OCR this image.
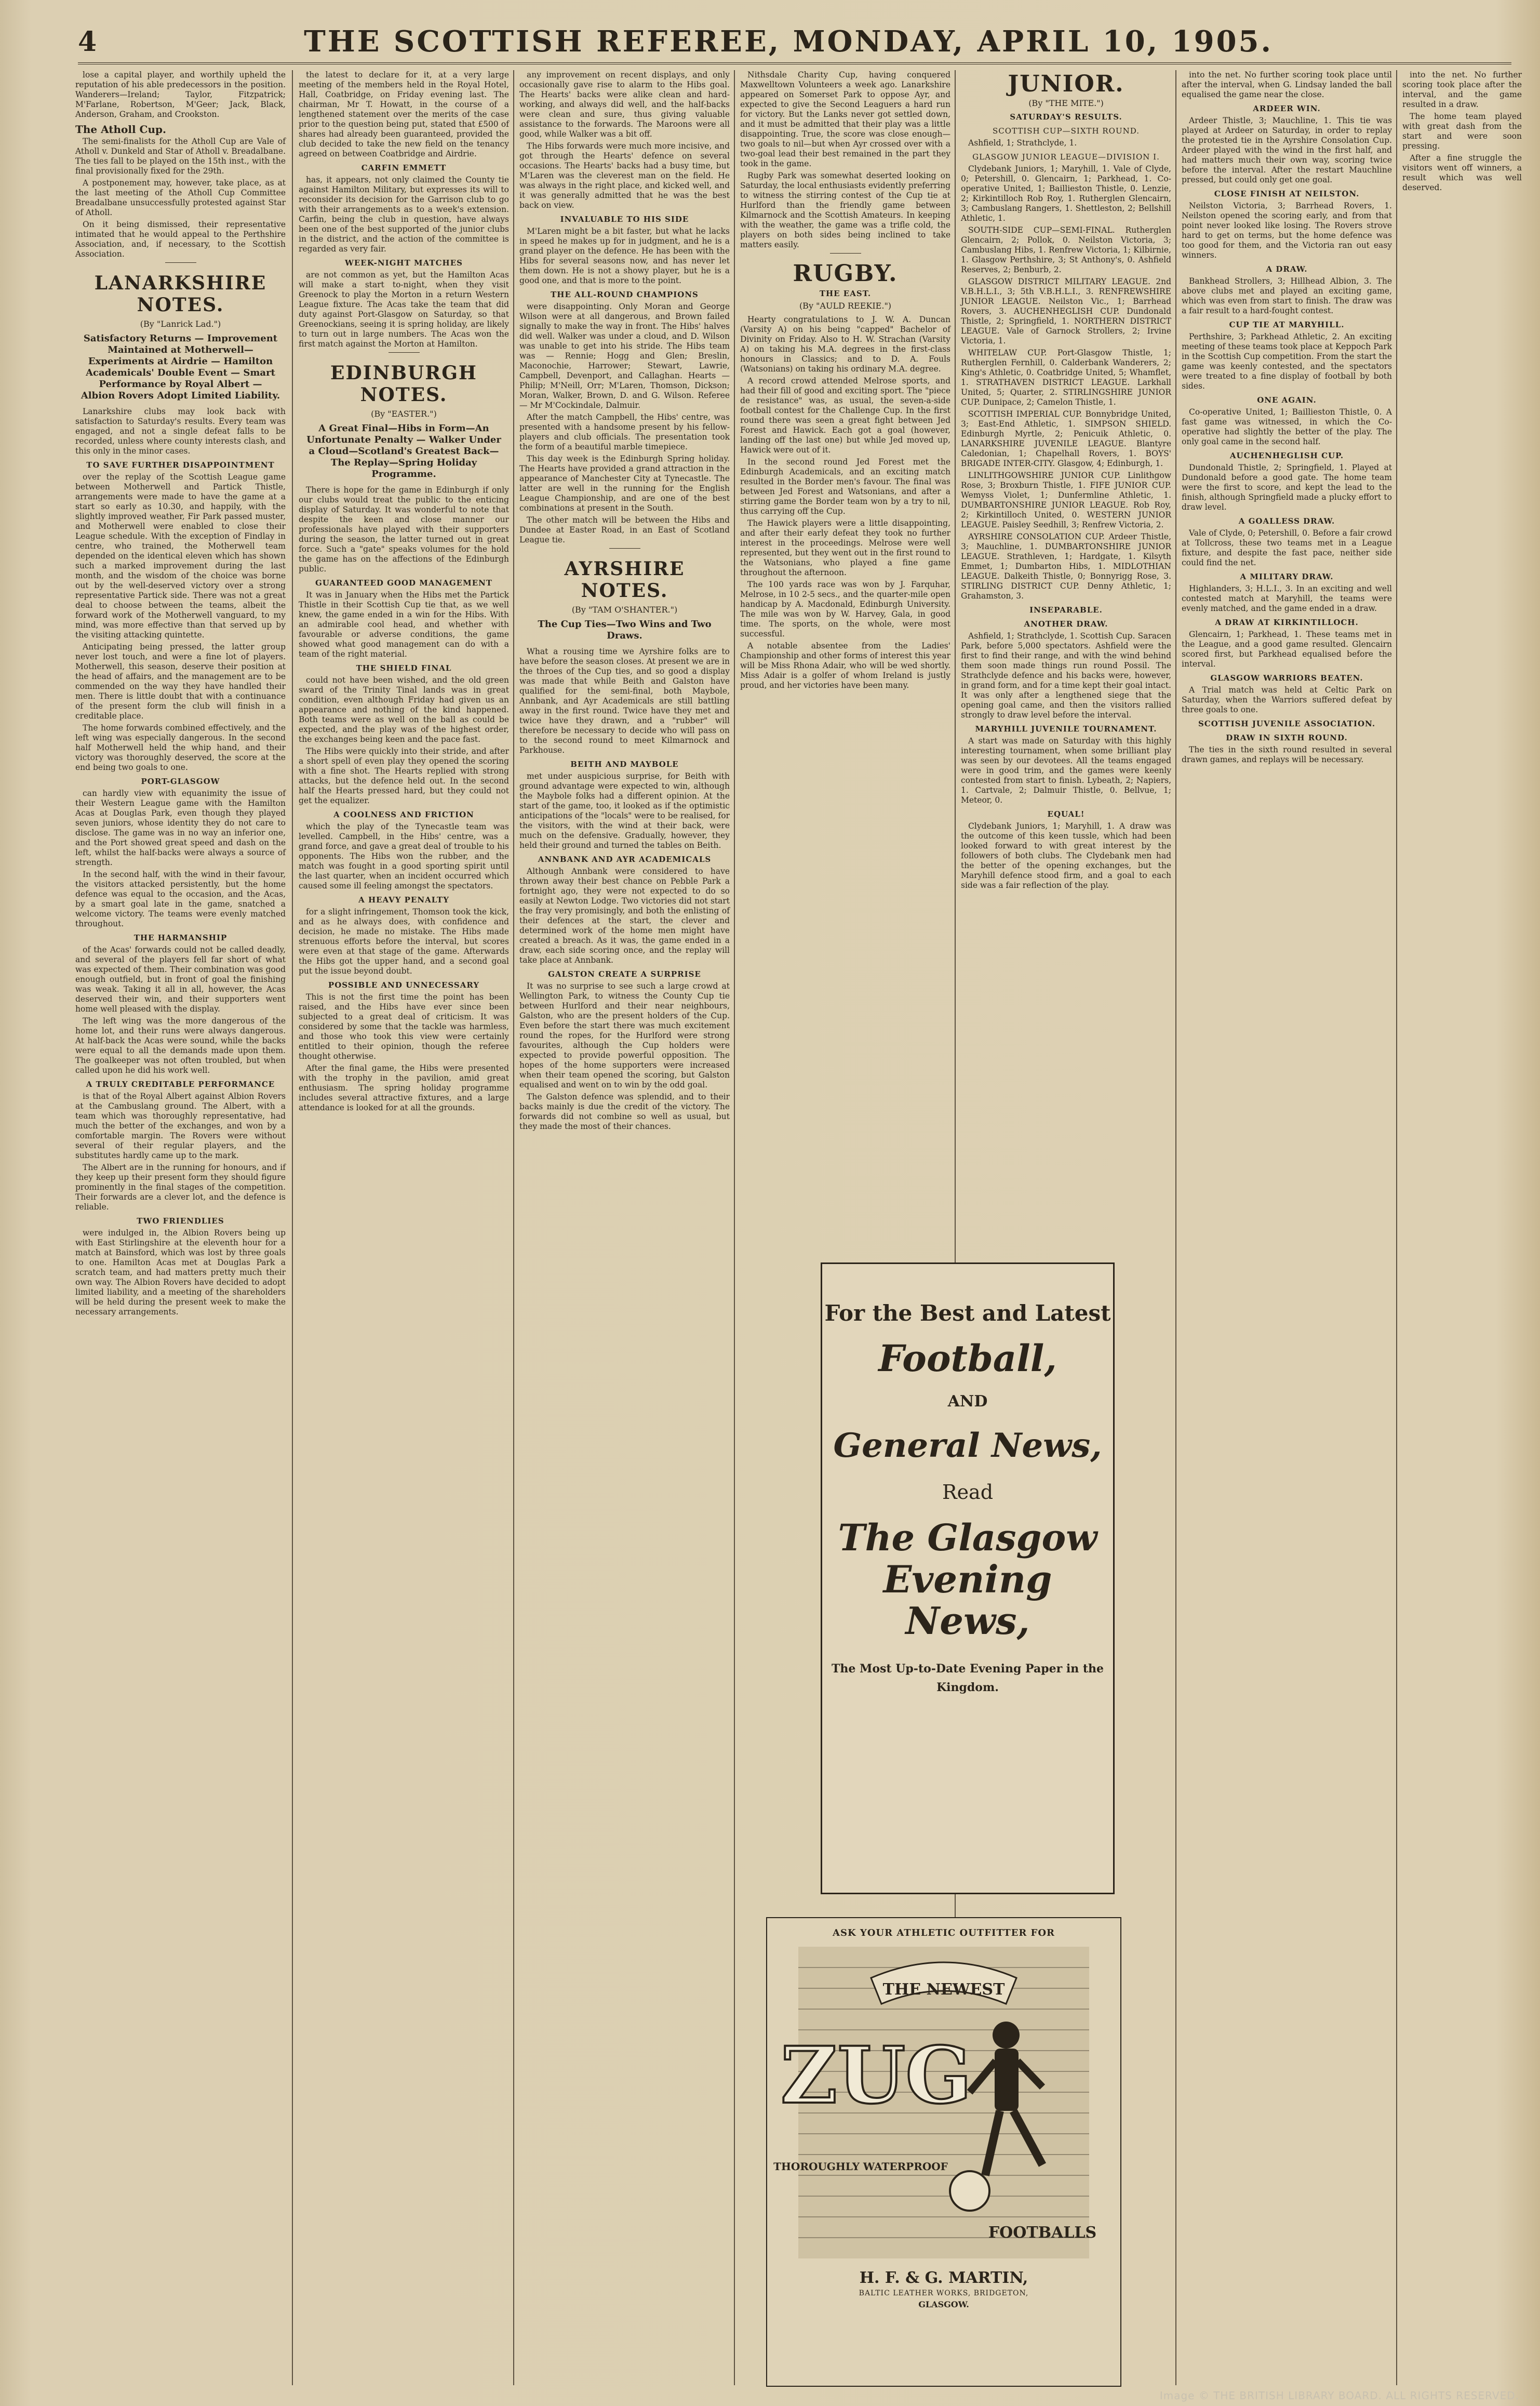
4	THE SCOTTISH REFEREE, MONDAY, APRIL 10, 1905.

lose a capital player, and worthily upheld the reputation of his able predecessors in the position. Wanderers—Ireland; Taylor, Fitzpatrick; M'Farlane, Robertson, M'Geer; Jack, Black, Anderson, Graham, and Crookston.

The Atholl Cup.

The semi-finalists for the Atholl Cup are Vale of Atholl v. Dunkeld and Star of Atholl v. Breadalbane. The ties fall to be played on the 15th inst., with the final provisionally fixed for the 29th.

A postponement may, however, take place, as at the last meeting of the Atholl Cup Committee Breadalbane unsuccessfully protested against Star of Atholl.

On it being dismissed, their representative intimated that he would appeal to the Perthshire Association, and, if necessary, to the Scottish Association.

LANARKSHIRE NOTES.
(By "Lanrick Lad.")
Satisfactory Returns — Improvement Maintained at Motherwell—Experiments at Airdrie — Hamilton Academicals' Double Event — Smart Performance by Royal Albert — Albion Rovers Adopt Limited Liability.

Lanarkshire clubs may look back with satisfaction to Saturday's results. Every team was engaged, and not a single defeat falls to be recorded, unless where county interests clash, and this only in the minor cases.

TO SAVE FURTHER DISAPPOINTMENT

over the replay of the Scottish League game between Motherwell and Partick Thistle, arrangements were made to have the game at a start so early as 10.30, and happily, with the slightly improved weather, Fir Park passed muster, and Motherwell were enabled to close their League schedule. With the exception of Findlay in centre, who trained, the Motherwell team depended on the identical eleven which has shown such a marked improvement during the last month, and the wisdom of the choice was borne out by the well-deserved victory over a strong representative Partick side. There was not a great deal to choose between the teams, albeit the forward work of the Motherwell vanguard, to my mind, was more effective than that served up by the visiting attacking quintette.

Anticipating being pressed, the latter group never lost touch, and were a fine lot of players. Motherwell, this season, deserve their position at the head of affairs, and the management are to be commended on the way they have handled their men. There is little doubt that with a continuance of the present form the club will finish in a creditable place.

The home forwards combined effectively, and the left wing was especially dangerous. In the second half Motherwell held the whip hand, and their victory was thoroughly deserved, the score at the end being two goals to one.

PORT-GLASGOW

can hardly view with equanimity the issue of their Western League game with the Hamilton Acas at Douglas Park, even though they played seven juniors, whose identity they do not care to disclose. The game was in no way an inferior one, and the Port showed great speed and dash on the left, whilst the half-backs were always a source of strength.

In the second half, with the wind in their favour, the visitors attacked persistently, but the home defence was equal to the occasion, and the Acas, by a smart goal late in the game, snatched a welcome victory. The teams were evenly matched throughout.

THE HARMANSHIP

of the Acas' forwards could not be called deadly, and several of the players fell far short of what was expected of them. Their combination was good enough outfield, but in front of goal the finishing was weak. Taking it all in all, however, the Acas deserved their win, and their supporters went home well pleased with the display.

The left wing was the more dangerous of the home lot, and their runs were always dangerous. At half-back the Acas were sound, while the backs were equal to all the demands made upon them. The goalkeeper was not often troubled, but when called upon he did his work well.

A TRULY CREDITABLE PERFORMANCE

is that of the Royal Albert against Albion Rovers at the Cambuslang ground. The Albert, with a team which was thoroughly representative, had much the better of the exchanges, and won by a comfortable margin. The Rovers were without several of their regular players, and the substitutes hardly came up to the mark.

The Albert are in the running for honours, and if they keep up their present form they should figure prominently in the final stages of the competition. Their forwards are a clever lot, and the defence is reliable.

TWO FRIENDLIES

were indulged in, the Albion Rovers being up with East Stirlingshire at the eleventh hour for a match at Bainsford, which was lost by three goals to one. Hamilton Acas met at Douglas Park a scratch team, and had matters pretty much their own way. The Albion Rovers have decided to adopt limited liability, and a meeting of the shareholders will be held during the present week to make the necessary arrangements.

the latest to declare for it, at a very large meeting of the members held in the Royal Hotel, Hall, Coatbridge, on Friday evening last. The chairman, Mr T. Howatt, in the course of a lengthened statement over the merits of the case prior to the question being put, stated that £500 of shares had already been guaranteed, provided the club decided to take the new field on the tenancy agreed on between Coatbridge and Airdrie.

CARFIN EMMETT

has, it appears, not only claimed the County tie against Hamilton Military, but expresses its will to reconsider its decision for the Garrison club to go with their arrangements as to a week's extension. Carfin, being the club in question, have always been one of the best supported of the junior clubs in the district, and the action of the committee is regarded as very fair.

WEEK-NIGHT MATCHES

are not common as yet, but the Hamilton Acas will make a start to-night, when they visit Greenock to play the Morton in a return Western League fixture. The Acas take the team that did duty against Port-Glasgow on Saturday, so that Greenockians, seeing it is spring holiday, are likely to turn out in large numbers. The Acas won the first match against the Morton at Hamilton.

EDINBURGH NOTES.
(By "EASTER.")
A Great Final—Hibs in Form—An Unfortunate Penalty — Walker Under a Cloud—Scotland's Greatest Back—The Replay—Spring Holiday Programme.

There is hope for the game in Edinburgh if only our clubs would treat the public to the enticing display of Saturday. It was wonderful to note that despite the keen and close manner our professionals have played with their supporters during the season, the latter turned out in great force. Such a "gate" speaks volumes for the hold the game has on the affections of the Edinburgh public.

GUARANTEED GOOD MANAGEMENT

It was in January when the Hibs met the Partick Thistle in their Scottish Cup tie that, as we well knew, the game ended in a win for the Hibs. With an admirable cool head, and whether with favourable or adverse conditions, the game showed what good management can do with a team of the right material.

THE SHIELD FINAL

could not have been wished, and the old green sward of the Trinity Tinal lands was in great condition, even although Friday had given us an appearance and nothing of the kind happened. Both teams were as well on the ball as could be expected, and the play was of the highest order, the exchanges being keen and the pace fast.

The Hibs were quickly into their stride, and after a short spell of even play they opened the scoring with a fine shot. The Hearts replied with strong attacks, but the defence held out. In the second half the Hearts pressed hard, but they could not get the equalizer.

A COOLNESS AND FRICTION

which the play of the Tynecastle team was levelled. Campbell, in the Hibs' centre, was a grand force, and gave a great deal of trouble to his opponents. The Hibs won the rubber, and the match was fought in a good sporting spirit until the last quarter, when an incident occurred which caused some ill feeling amongst the spectators.

A HEAVY PENALTY

for a slight infringement, Thomson took the kick, and as he always does, with confidence and decision, he made no mistake. The Hibs made strenuous efforts before the interval, but scores were even at that stage of the game. Afterwards the Hibs got the upper hand, and a second goal put the issue beyond doubt.

POSSIBLE AND UNNECESSARY

This is not the first time the point has been raised, and the Hibs have ever since been subjected to a great deal of criticism. It was considered by some that the tackle was harmless, and those who took this view were certainly entitled to their opinion, though the referee thought otherwise.

After the final game, the Hibs were presented with the trophy in the pavilion, amid great enthusiasm. The spring holiday programme includes several attractive fixtures, and a large attendance is looked for at all the grounds.

any improvement on recent displays, and only occasionally gave rise to alarm to the Hibs goal. The Hearts' backs were alike clean and hard-working, and always did well, and the half-backs were clean and sure, thus giving valuable assistance to the forwards. The Maroons were all good, while Walker was a bit off.

The Hibs forwards were much more incisive, and got through the Hearts' defence on several occasions. The Hearts' backs had a busy time, but M'Laren was the cleverest man on the field. He was always in the right place, and kicked well, and it was generally admitted that he was the best back on view.

INVALUABLE TO HIS SIDE

M'Laren might be a bit faster, but what he lacks in speed he makes up for in judgment, and he is a grand player on the defence. He has been with the Hibs for several seasons now, and has never let them down. He is not a showy player, but he is a good one, and that is more to the point.

THE ALL-ROUND CHAMPIONS

were disappointing. Only Moran and George Wilson were at all dangerous, and Brown failed signally to make the way in front. The Hibs' halves did well. Walker was under a cloud, and D. Wilson was unable to get into his stride. The Hibs team was — Rennie; Hogg and Glen; Breslin, Maconochie, Harrower; Stewart, Lawrie, Campbell, Devenport, and Callaghan. Hearts — Philip; M'Neill, Orr; M'Laren, Thomson, Dickson; Moran, Walker, Brown, D. and G. Wilson. Referee — Mr M'Cockindale, Dalmuir.

After the match Campbell, the Hibs' centre, was presented with a handsome present by his fellow-players and club officials. The presentation took the form of a beautiful marble timepiece.

This day week is the Edinburgh Spring holiday. The Hearts have provided a grand attraction in the appearance of Manchester City at Tynecastle. The latter are well in the running for the English League Championship, and are one of the best combinations at present in the South.

The other match will be between the Hibs and Dundee at Easter Road, in an East of Scotland League tie.

AYRSHIRE NOTES.
(By "TAM O'SHANTER.")
The Cup Ties—Two Wins and Two Draws.

What a rousing time we Ayrshire folks are to have before the season closes. At present we are in the throes of the Cup ties, and so good a display was made that while Beith and Galston have qualified for the semi-final, both Maybole, Annbank, and Ayr Academicals are still battling away in the first round. Twice have they met and twice have they drawn, and a "rubber" will therefore be necessary to decide who will pass on to the second round to meet Kilmarnock and Parkhouse.

BEITH AND MAYBOLE

met under auspicious surprise, for Beith with ground advantage were expected to win, although the Maybole folks had a different opinion. At the start of the game, too, it looked as if the optimistic anticipations of the "locals" were to be realised, for the visitors, with the wind at their back, were much on the defensive. Gradually, however, they held their ground and turned the tables on Beith.

ANNBANK AND AYR ACADEMICALS

Although Annbank were considered to have thrown away their best chance on Pebble Park a fortnight ago, they were not expected to do so easily at Newton Lodge. Two victories did not start the fray very promisingly, and both the enlisting of their defences at the start, the clever and determined work of the home men might have created a breach. As it was, the game ended in a draw, each side scoring once, and the replay will take place at Annbank.

GALSTON CREATE A SURPRISE

It was no surprise to see such a large crowd at Wellington Park, to witness the County Cup tie between Hurlford and their near neighbours, Galston, who are the present holders of the Cup. Even before the start there was much excitement round the ropes, for the Hurlford were strong favourites, although the Cup holders were expected to provide powerful opposition. The hopes of the home supporters were increased when their team opened the scoring, but Galston equalised and went on to win by the odd goal.

The Galston defence was splendid, and to their backs mainly is due the credit of the victory. The forwards did not combine so well as usual, but they made the most of their chances.

Nithsdale Charity Cup, having conquered Maxwelltown Volunteers a week ago. Lanarkshire appeared on Somerset Park to oppose Ayr, and expected to give the Second Leaguers a hard run for victory. But the Lanks never got settled down, and it must be admitted that their play was a little disappointing. True, the score was close enough—two goals to nil—but when Ayr crossed over with a two-goal lead their best remained in the part they took in the game.

Rugby Park was somewhat deserted looking on Saturday, the local enthusiasts evidently preferring to witness the stirring contest of the Cup tie at Hurlford than the friendly game between Kilmarnock and the Scottish Amateurs. In keeping with the weather, the game was a trifle cold, the players on both sides being inclined to take matters easily.

RUGBY.
THE EAST.
(By "AULD REEKIE.")

Hearty congratulations to J. W. A. Duncan (Varsity A) on his being "capped" Bachelor of Divinity on Friday. Also to H. W. Strachan (Varsity A) on taking his M.A. degrees in the first-class honours in Classics; and to D. A. Fouls (Watsonians) on taking his ordinary M.A. degree.

A record crowd attended Melrose sports, and had their fill of good and exciting sport. The "piece de resistance" was, as usual, the seven-a-side football contest for the Challenge Cup. In the first round there was seen a great fight between Jed Forest and Hawick. Each got a goal (however, landing off the last one) but while Jed moved up, Hawick were out of it.

In the second round Jed Forest met the Edinburgh Academicals, and an exciting match resulted in the Border men's favour. The final was between Jed Forest and Watsonians, and after a stirring game the Border team won by a try to nil, thus carrying off the Cup.

The Hawick players were a little disappointing, and after their early defeat they took no further interest in the proceedings. Melrose were well represented, but they went out in the first round to the Watsonians, who played a fine game throughout the afternoon.

The 100 yards race was won by J. Farquhar, Melrose, in 10 2-5 secs., and the quarter-mile open handicap by A. Macdonald, Edinburgh University. The mile was won by W. Harvey, Gala, in good time. The sports, on the whole, were most successful.

A notable absentee from the Ladies' Championship and other forms of interest this year will be Miss Rhona Adair, who will be wed shortly. Miss Adair is a golfer of whom Ireland is justly proud, and her victories have been many.

JUNIOR.
(By "THE MITE.")
SATURDAY'S RESULTS.
SCOTTISH CUP—SIXTH ROUND.

Ashfield, 1; Strathclyde, 1.

GLASGOW JUNIOR LEAGUE—DIVISION I.

Clydebank Juniors, 1; Maryhill, 1. Vale of Clyde, 0; Petershill, 0. Glencairn, 1; Parkhead, 1. Co-operative United, 1; Baillieston Thistle, 0. Lenzie, 2; Kirkintilloch Rob Roy, 1. Rutherglen Glencairn, 3; Cambuslang Rangers, 1. Shettleston, 2; Bellshill Athletic, 1.

SOUTH-SIDE CUP—SEMI-FINAL. Rutherglen Glencairn, 2; Pollok, 0. Neilston Victoria, 3; Cambuslang Hibs, 1. Renfrew Victoria, 1; Kilbirnie, 1. Glasgow Perthshire, 3; St Anthony's, 0. Ashfield Reserves, 2; Benburb, 2.

GLASGOW DISTRICT MILITARY LEAGUE. 2nd V.B.H.L.I., 3; 5th V.B.H.L.I., 3. RENFREWSHIRE JUNIOR LEAGUE. Neilston Vic., 1; Barrhead Rovers, 3. AUCHENHEGLISH CUP. Dundonald Thistle, 2; Springfield, 1. NORTHERN DISTRICT LEAGUE. Vale of Garnock Strollers, 2; Irvine Victoria, 1.

WHITELAW CUP. Port-Glasgow Thistle, 1; Rutherglen Fernhill, 0. Calderbank Wanderers, 2; King's Athletic, 0. Coatbridge United, 5; Whamflet, 1. STRATHAVEN DISTRICT LEAGUE. Larkhall United, 5; Quarter, 2. STIRLINGSHIRE JUNIOR CUP. Dunipace, 2; Camelon Thistle, 1.

SCOTTISH IMPERIAL CUP. Bonnybridge United, 3; East-End Athletic, 1. SIMPSON SHIELD. Edinburgh Myrtle, 2; Penicuik Athletic, 0. LANARKSHIRE JUVENILE LEAGUE. Blantyre Caledonian, 1; Chapelhall Rovers, 1. BOYS' BRIGADE INTER-CITY. Glasgow, 4; Edinburgh, 1.

LINLITHGOWSHIRE JUNIOR CUP. Linlithgow Rose, 3; Broxburn Thistle, 1. FIFE JUNIOR CUP. Wemyss Violet, 1; Dunfermline Athletic, 1. DUMBARTONSHIRE JUNIOR LEAGUE. Rob Roy, 2; Kirkintilloch United, 0. WESTERN JUNIOR LEAGUE. Paisley Seedhill, 3; Renfrew Victoria, 2.

AYRSHIRE CONSOLATION CUP. Ardeer Thistle, 3; Mauchline, 1. DUMBARTONSHIRE JUNIOR LEAGUE. Strathleven, 1; Hardgate, 1. Kilsyth Emmet, 1; Dumbarton Hibs, 1. MIDLOTHIAN LEAGUE. Dalkeith Thistle, 0; Bonnyrigg Rose, 3. STIRLING DISTRICT CUP. Denny Athletic, 1; Grahamston, 3.

INSEPARABLE.
ANOTHER DRAW.

Ashfield, 1; Strathclyde, 1. Scottish Cup. Saracen Park, before 5,000 spectators. Ashfield were the first to find their range, and with the wind behind them soon made things run round Possil. The Strathclyde defence and his backs were, however, in grand form, and for a time kept their goal intact. It was only after a lengthened siege that the opening goal came, and then the visitors rallied strongly to draw level before the interval.

MARYHILL JUVENILE TOURNAMENT.

A start was made on Saturday with this highly interesting tournament, when some brilliant play was seen by our devotees. All the teams engaged were in good trim, and the games were keenly contested from start to finish. Lybeath, 2; Napiers, 1. Cartvale, 2; Dalmuir Thistle, 0. Bellvue, 1; Meteor, 0.

EQUAL!

Clydebank Juniors, 1; Maryhill, 1. A draw was the outcome of this keen tussle, which had been looked forward to with great interest by the followers of both clubs. The Clydebank men had the better of the opening exchanges, but the Maryhill defence stood firm, and a goal to each side was a fair reflection of the play.

into the net. No further scoring took place until after the interval, when G. Lindsay landed the ball equalised the game near the close.

ARDEER WIN.

Ardeer Thistle, 3; Mauchline, 1. This tie was played at Ardeer on Saturday, in order to replay the protested tie in the Ayrshire Consolation Cup. Ardeer played with the wind in the first half, and had matters much their own way, scoring twice before the interval. After the restart Mauchline pressed, but could only get one goal.

CLOSE FINISH AT NEILSTON.

Neilston Victoria, 3; Barrhead Rovers, 1. Neilston opened the scoring early, and from that point never looked like losing. The Rovers strove hard to get on terms, but the home defence was too good for them, and the Victoria ran out easy winners.

A DRAW.

Bankhead Strollers, 3; Hillhead Albion, 3. The above clubs met and played an exciting game, which was even from start to finish. The draw was a fair result to a hard-fought contest.

CUP TIE AT MARYHILL.

Perthshire, 3; Parkhead Athletic, 2. An exciting meeting of these teams took place at Keppoch Park in the Scottish Cup competition. From the start the game was keenly contested, and the spectators were treated to a fine display of football by both sides.

ONE AGAIN.

Co-operative United, 1; Baillieston Thistle, 0. A fast game was witnessed, in which the Co-operative had slightly the better of the play. The only goal came in the second half.

AUCHENHEGLISH CUP.

Dundonald Thistle, 2; Springfield, 1. Played at Dundonald before a good gate. The home team were the first to score, and kept the lead to the finish, although Springfield made a plucky effort to draw level.

A GOALLESS DRAW.

Vale of Clyde, 0; Petershill, 0. Before a fair crowd at Tollcross, these two teams met in a League fixture, and despite the fast pace, neither side could find the net.

A MILITARY DRAW.

Highlanders, 3; H.L.I., 3. In an exciting and well contested match at Maryhill, the teams were evenly matched, and the game ended in a draw.

A DRAW AT KIRKINTILLOCH.

Glencairn, 1; Parkhead, 1. These teams met in the League, and a good game resulted. Glencairn scored first, but Parkhead equalised before the interval.

GLASGOW WARRIORS BEATEN.

A Trial match was held at Celtic Park on Saturday, when the Warriors suffered defeat by three goals to one.

SCOTTISH JUVENILE ASSOCIATION.
DRAW IN SIXTH ROUND.

The ties in the sixth round resulted in several drawn games, and replays will be necessary.

into the net. No further scoring took place after the interval, and the game resulted in a draw.

The home team played with great dash from the start and were soon pressing.

After a fine struggle the visitors went off winners, a result which was well deserved.

For the Best and Latest
Football,
AND
General News,
Read
The Glasgow
Evening News,
The Most Up-to-Date Evening Paper in the Kingdom.
ASK YOUR ATHLETIC OUTFITTER FOR
THE NEWEST
ZUG
THOROUGHLY WATERPROOF
FOOTBALLS
H. F. & G. MARTIN,
BALTIC LEATHER WORKS, BRIDGETON,
GLASGOW.
Image © THE BRITISH LIBRARY BOARD. ALL RIGHTS RESERVED.
